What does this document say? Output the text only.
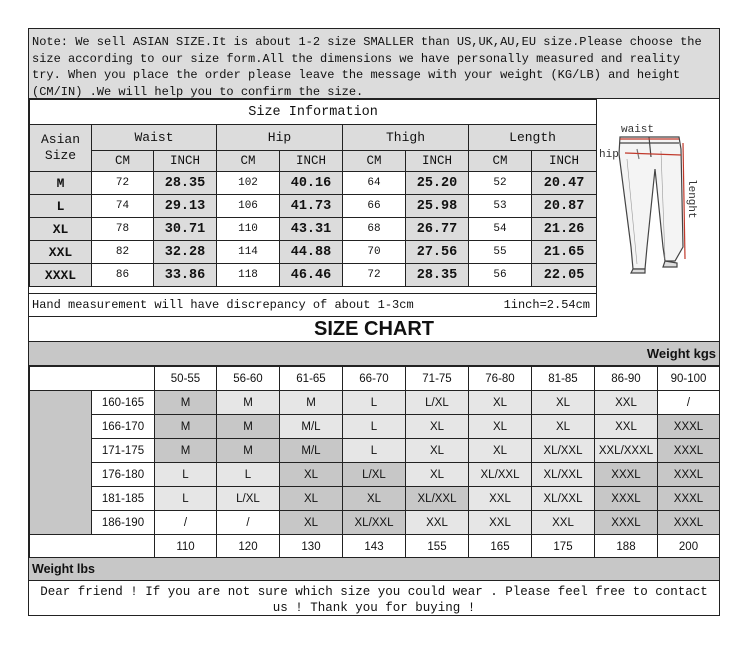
Note: We sell ASIAN SIZE.It is about 1-2 size SMALLER than US,UK,AU,EU size.Please choose the size according to our size form.All the dimensions we have personally measured and reality try. When you place the order please leave the message with your weight (KG/LB) and height (CM/IN) .We will help you to confirm the size.
Size Information								
Asian Size	Waist		Hip		Thigh		Length	
	CM	INCH	CM	INCH	CM	INCH	CM	INCH
M	72	28.35	102	40.16	64	25.20	52	20.47
L	74	29.13	106	41.73	66	25.98	53	20.87
XL	78	30.71	110	43.31	68	26.77	54	21.26
XXL	82	32.28	114	44.88	70	27.56	55	21.65
XXXL	86	33.86	118	46.46	72	28.35	56	22.05
Hand measurement will have discrepancy of about 1-3cm	1inch=2.54cm
waist
hip
lenght
SIZE CHART
Weight kgs
		50-55	56-60	61-65	66-70	71-75	76-80	81-85	86-90	90-100
	160-165	M	M	M	L	L/XL	XL	XL	XXL	/
	166-170	M	M	M/L	L	XL	XL	XL	XXL	XXXL
	171-175	M	M	M/L	L	XL	XL	XL/XXL	XXL/XXXL	XXXL
	176-180	L	L	XL	L/XL	XL	XL/XXL	XL/XXL	XXXL	XXXL
	181-185	L	L/XL	XL	XL	XL/XXL	XXL	XL/XXL	XXXL	XXXL
	186-190	/	/	XL	XL/XXL	XXL	XXL	XXL	XXXL	XXXL
		110	120	130	143	155	165	175	188	200
Weight lbs
Dear friend ! If you are not sure which size you could wear . Please feel free to contact us ! Thank you for buying !
